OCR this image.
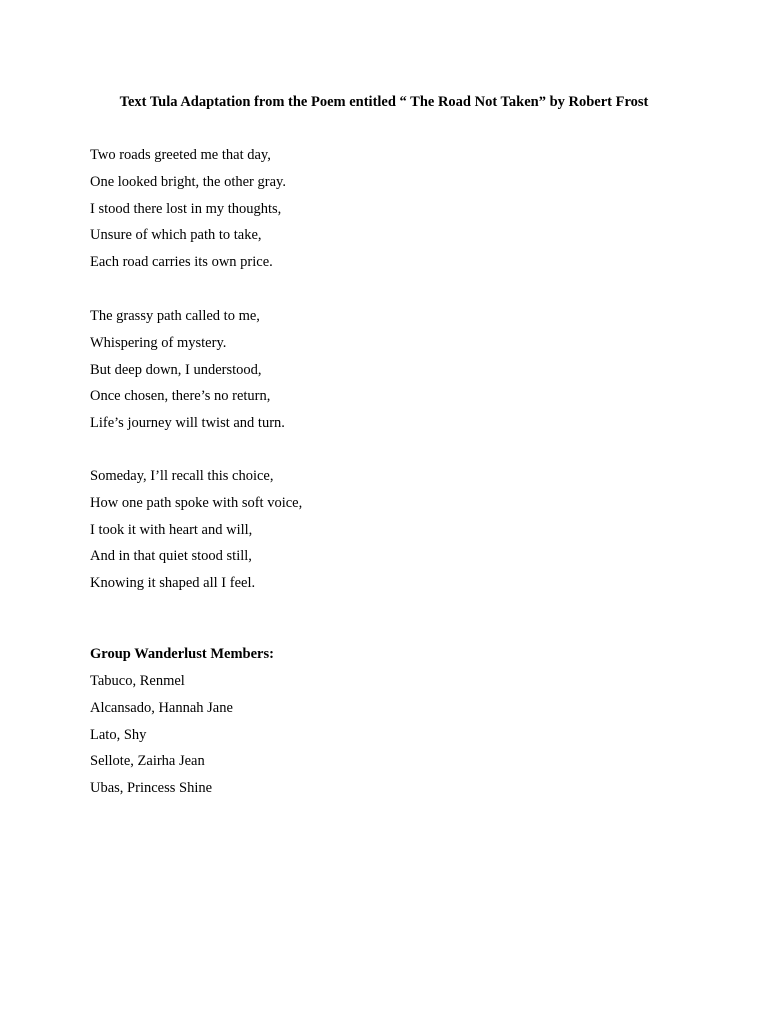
Text Tula Adaptation from the Poem entitled “ The Road Not Taken” by Robert Frost
Two roads greeted me that day,
One looked bright, the other gray.
I stood there lost in my thoughts,
Unsure of which path to take,
Each road carries its own price.
The grassy path called to me,
Whispering of mystery.
But deep down, I understood,
Once chosen, there’s no return,
Life’s journey will twist and turn.
Someday, I’ll recall this choice,
How one path spoke with soft voice,
I took it with heart and will,
And in that quiet stood still,
Knowing it shaped all I feel.
Group Wanderlust Members:
Tabuco, Renmel
Alcansado, Hannah Jane
Lato, Shy
Sellote, Zairha Jean
Ubas, Princess Shine
